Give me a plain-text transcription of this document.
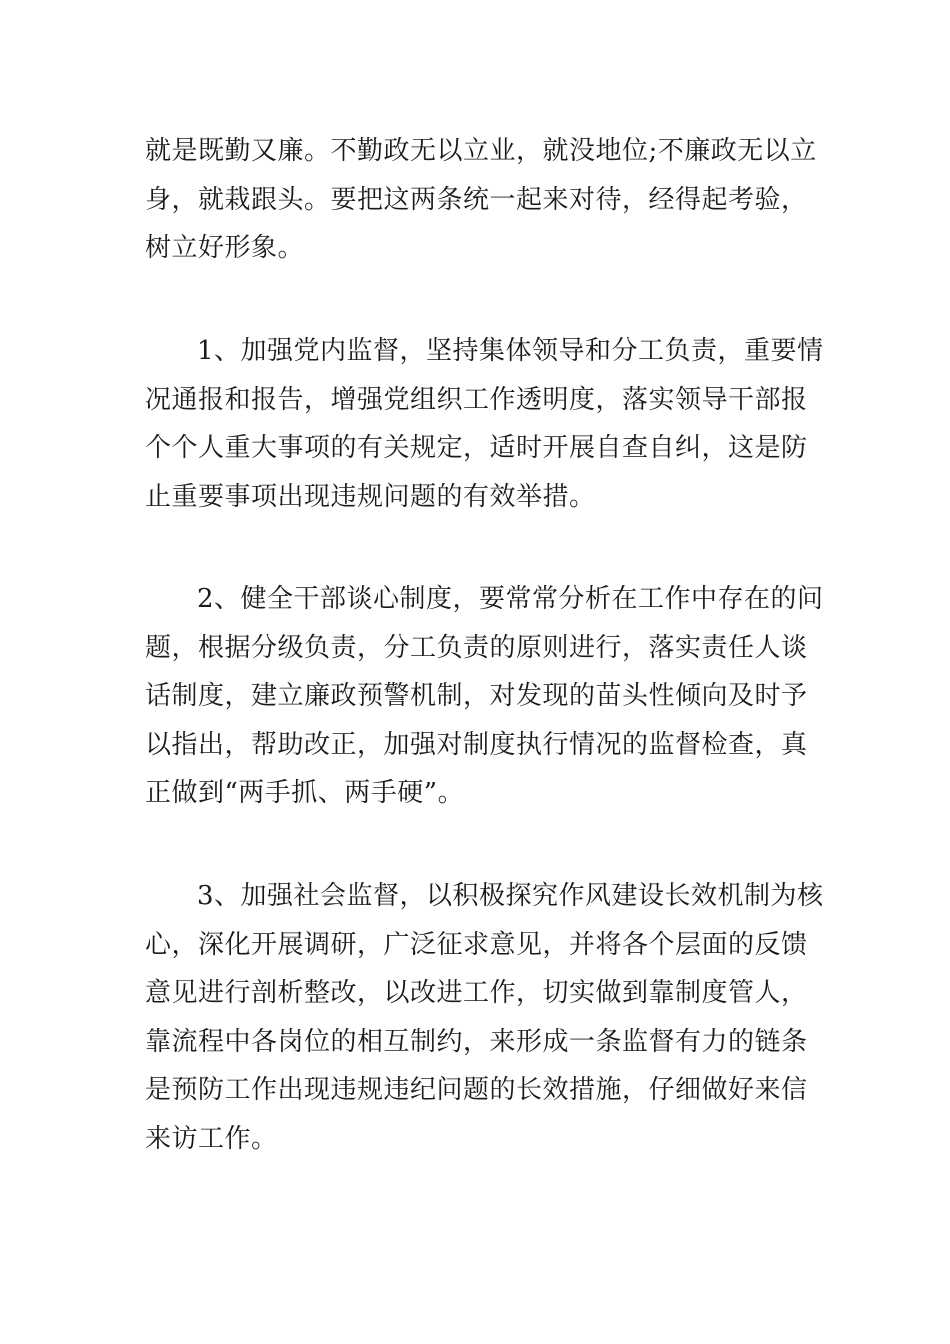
就是既勤又廉。不勤政无以立业，就没地位;不廉政无以立
身，就栽跟头。要把这两条统一起来对待，经得起考验，
树立好形象。
1、加强党内监督，坚持集体领导和分工负责，重要情
况通报和报告，增强党组织工作透明度，落实领导干部报
个个人重大事项的有关规定，适时开展自查自纠，这是防
止重要事项出现违规问题的有效举措。
2、健全干部谈心制度，要常常分析在工作中存在的问
题，根据分级负责，分工负责的原则进行，落实责任人谈
话制度，建立廉政预警机制，对发现的苗头性倾向及时予
以指出，帮助改正，加强对制度执行情况的监督检查，真
正做到“两手抓、两手硬”。
3、加强社会监督，以积极探究作风建设长效机制为核
心，深化开展调研，广泛征求意见，并将各个层面的反馈
意见进行剖析整改，以改进工作，切实做到靠制度管人，
靠流程中各岗位的相互制约，来形成一条监督有力的链条
是预防工作出现违规违纪问题的长效措施，仔细做好来信
来访工作。
